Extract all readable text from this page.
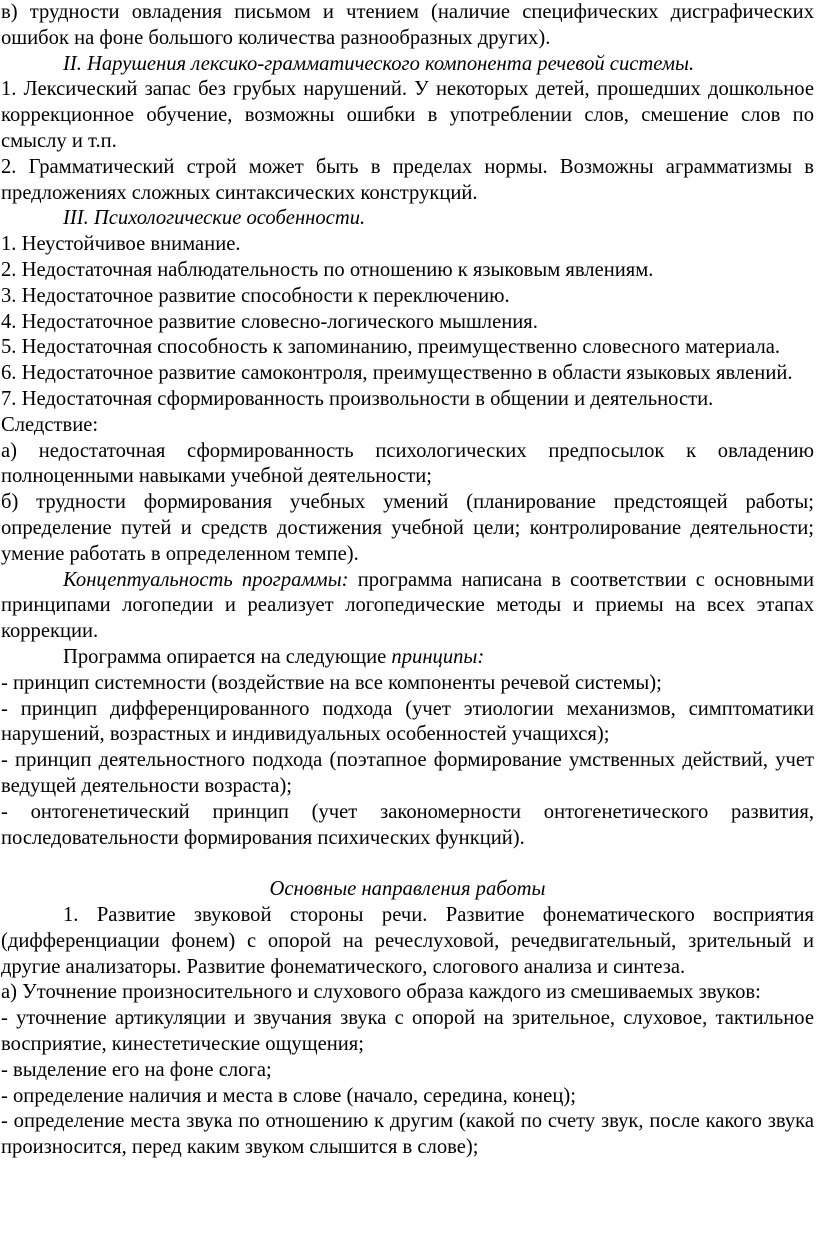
в) трудности овладения письмом и чтением (наличие специфических дисграфических ошибок на фоне большого количества разнообразных других).

II. Нарушения лексико-грамматического компонента речевой системы.

1. Лексический запас без грубых нарушений. У некоторых детей, прошедших дошкольное коррекционное обучение, возможны ошибки в употреблении слов, смешение слов по смыслу и т.п.

2. Грамматический строй может быть в пределах нормы. Возможны аграмматизмы в предложениях сложных синтаксических конструкций.

III. Психологические особенности.

1. Неустойчивое внимание.

2. Недостаточная наблюдательность по отношению к языковым явлениям.

3. Недостаточное развитие способности к переключению.

4. Недостаточное развитие словесно-логического мышления.

5. Недостаточная способность к запоминанию, преимущественно словесного материала.

6. Недостаточное развитие самоконтроля, преимущественно в области языковых явлений.

7. Недостаточная сформированность произвольности в общении и деятельности.

Следствие:

а) недостаточная сформированность психологических предпосылок к овладению полноценными навыками учебной деятельности;

б) трудности формирования учебных умений (планирование предстоящей работы; определение путей и средств достижения учебной цели; контролирование деятельности; умение работать в определенном темпе).

Концептуальность программы: программа написана в соответствии с основными принципами логопедии и реализует логопедические методы и приемы на всех этапах коррекции.

Программа опирается на следующие принципы:

- принцип системности (воздействие на все компоненты речевой системы);

- принцип дифференцированного подхода (учет этиологии механизмов, симптоматики нарушений, возрастных и индивидуальных особенностей учащихся);

- принцип деятельностного подхода (поэтапное формирование умственных действий, учет ведущей деятельности возраста);

- онтогенетический принцип (учет закономерности онтогенетического развития, последовательности формирования психических функций).

Основные направления работы

1. Развитие звуковой стороны речи. Развитие фонематического восприятия (дифференциации фонем) с опорой на речеслуховой, речедвигательный, зрительный и другие анализаторы. Развитие фонематического, слогового анализа и синтеза.

а) Уточнение произносительного и слухового образа каждого из смешиваемых звуков:

- уточнение артикуляции и звучания звука с опорой на зрительное, слуховое, тактильное восприятие, кинестетические ощущения;

- выделение его на фоне слога;

- определение наличия и места в слове (начало, середина, конец);

- определение места звука по отношению к другим (какой по счету звук, после какого звука произносится, перед каким звуком слышится в слове);
